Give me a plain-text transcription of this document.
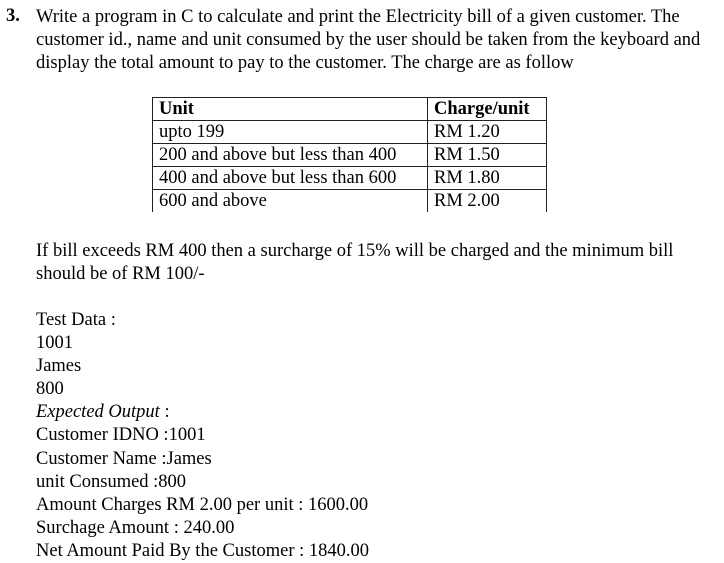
3. Write a program in C to calculate and print the Electricity bill of a given customer. The
customer id., name and unit consumed by the user should be taken from the keyboard and
display the total amount to pay to the customer. The charge are as follow
Unit	Charge/unit
upto 199	RM 1.20
200 and above but less than 400	RM 1.50
400 and above but less than 600	RM 1.80
600 and above	RM 2.00
If bill exceeds RM 400 then a surcharge of 15% will be charged and the minimum bill
should be of RM 100/-
Test Data :
1001
James
800
Expected Output :
Customer IDNO :1001
Customer Name :James
unit Consumed :800
Amount Charges RM 2.00 per unit : 1600.00
Surchage Amount : 240.00
Net Amount Paid By the Customer : 1840.00
